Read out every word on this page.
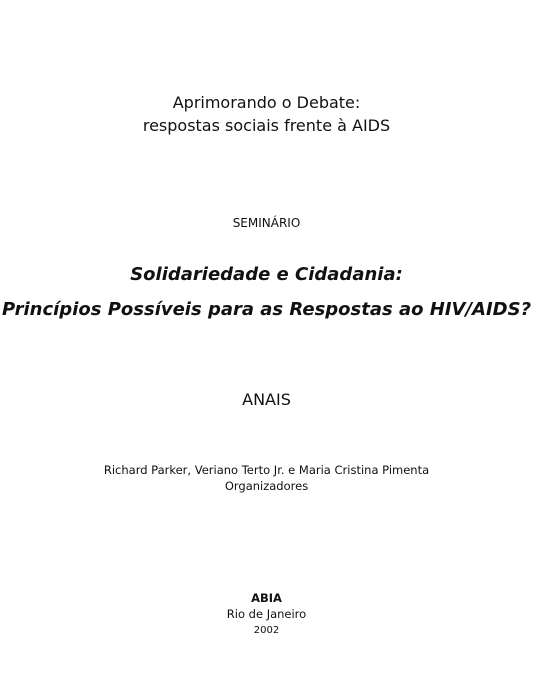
Aprimorando o Debate:
respostas sociais frente à AIDS
SEMINÁRIO
Solidariedade e Cidadania:
Princípios Possíveis para as Respostas ao HIV/AIDS?
ANAIS
Richard Parker, Veriano Terto Jr. e Maria Cristina Pimenta
Organizadores
ABIA
Rio de Janeiro
2002
